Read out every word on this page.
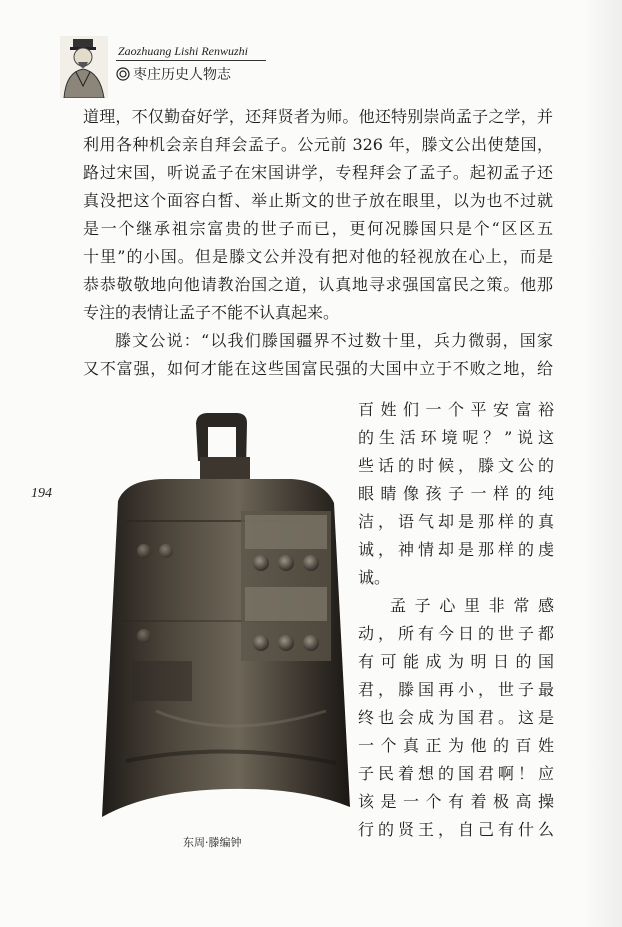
Zaozhuang Lishi Renwuzhi
枣庄历史人物志
194
道理，不仅勤奋好学，还拜贤者为师。他还特别崇尚孟子之学，并
利用各种机会亲自拜会孟子。公元前 326 年，滕文公出使楚国，
路过宋国，听说孟子在宋国讲学，专程拜会了孟子。起初孟子还
真没把这个面容白皙、举止斯文的世子放在眼里，以为也不过就
是一个继承祖宗富贵的世子而已，更何况滕国只是个“区区五
十里”的小国。但是滕文公并没有把对他的轻视放在心上，而是
恭恭敬敬地向他请教治国之道，认真地寻求强国富民之策。他那
专注的表情让孟子不能不认真起来。
滕文公说：“以我们滕国疆界不过数十里，兵力微弱，国家
又不富强，如何才能在这些国富民强的大国中立于不败之地，给
百姓们一个平安富裕
的生活环境呢？”说这
些话的时候，滕文公的
眼睛像孩子一样的纯
洁，语气却是那样的真
诚，神情却是那样的虔
诚。
孟子心里非常感
动，所有今日的世子都
有可能成为明日的国
君，滕国再小，世子最
终也会成为国君。这是
一个真正为他的百姓
子民着想的国君啊！应
该是一个有着极高操
行的贤王，自己有什么
东周·滕编钟
